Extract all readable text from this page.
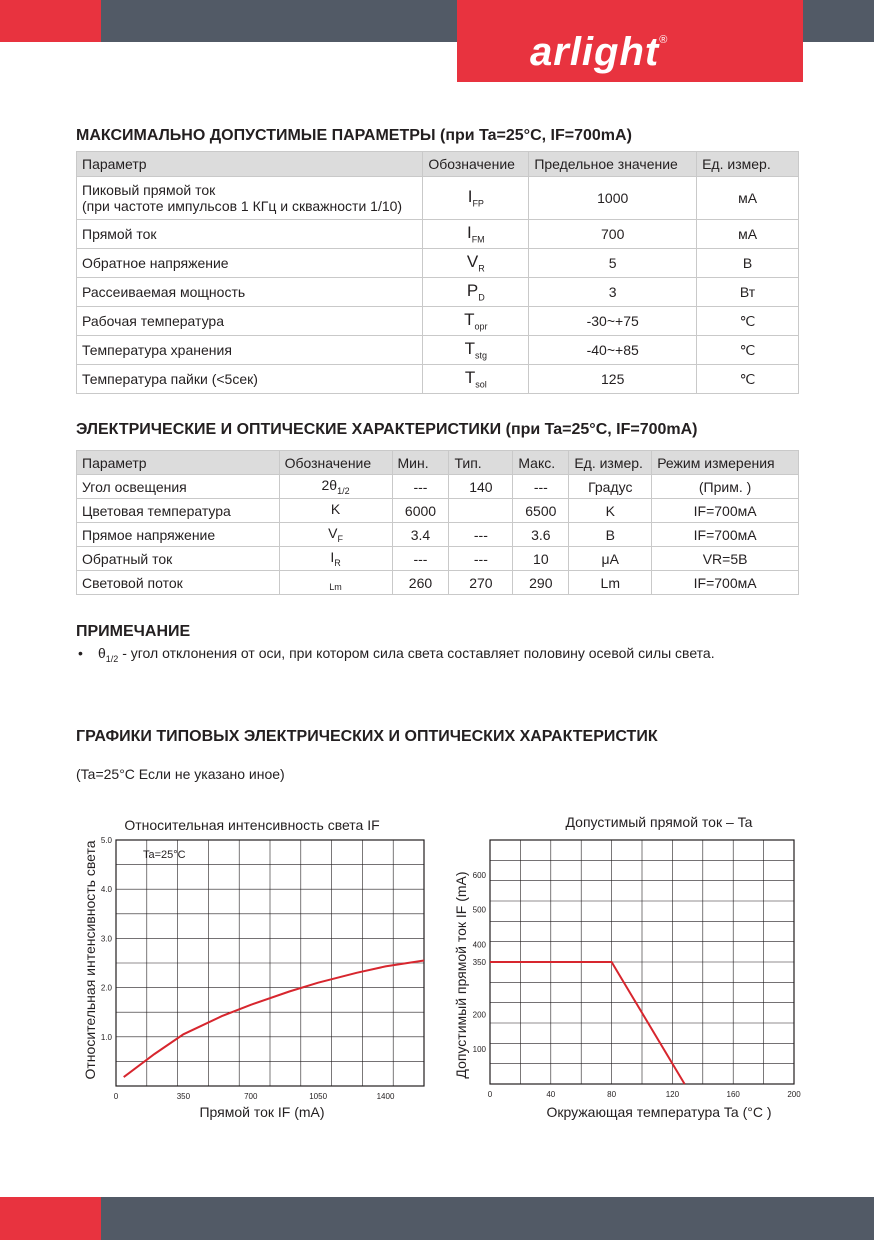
arlight®
МАКСИМАЛЬНО ДОПУСТИМЫЕ ПАРАМЕТРЫ (при Ta=25°C, IF=700mA)
Параметр	Обозначение	Предельное значение	Ед. измер.
Пиковый прямой ток
(при частоте импульсов 1 КГц и скважности 1/10)	$I_{FP}$	1000	мА
Прямой ток	$I_{FM}$	700	мА
Обратное напряжение	$V_R$	5	В
Рассеиваемая мощность	$P_D$	3	Вт
Рабочая температура	$T_{opr}$	-30~+75	℃
Температура хранения	$T_{stg}$	-40~+85	℃
Температура пайки (<5сек)	$T_{sol}$	125	℃
ЭЛЕКТРИЧЕСКИЕ И ОПТИЧЕСКИЕ ХАРАКТЕРИСТИКИ (при Ta=25°C, IF=700mA)
Параметр	Обозначение	Мин.	Тип.	Макс.	Ед. измер.	Режим измерения
Угол освещения	$2\theta_{1/2}$	---	140	---	Градус	(Прим. )
Цветовая температура	K	6000		6500	K	IF=700мА
Прямое напряжение	$V_F$	3.4	---	3.6	B	IF=700мА
Обратный ток	$I_R$	---	---	10	μA	VR=5B
Световой поток	$_{Lm}$	260	270	290	Lm	IF=700мА
ПРИМЕЧАНИЕ
• $\theta_{1/2}$ - угол отклонения от оси, при котором сила света составляет половину осевой силы света.
ГРАФИКИ ТИПОВЫХ ЭЛЕКТРИЧЕСКИХ И ОПТИЧЕСКИХ ХАРАКТЕРИСТИК
(Ta=25°C Если не указано иное)
0	350	700	1050	1400
1.0
2.0
3.0
4.0
5.0
Относительная интенсивность света IF
Прямой ток IF (mA)
Относительная интенсивность света	Ta=25°C
0	40	80	120	160	200
100
200
350
400
500
600
Допустимый прямой ток – Ta
Окружающая температура Ta (°C )
Допустимый прямой ток IF (mA)
